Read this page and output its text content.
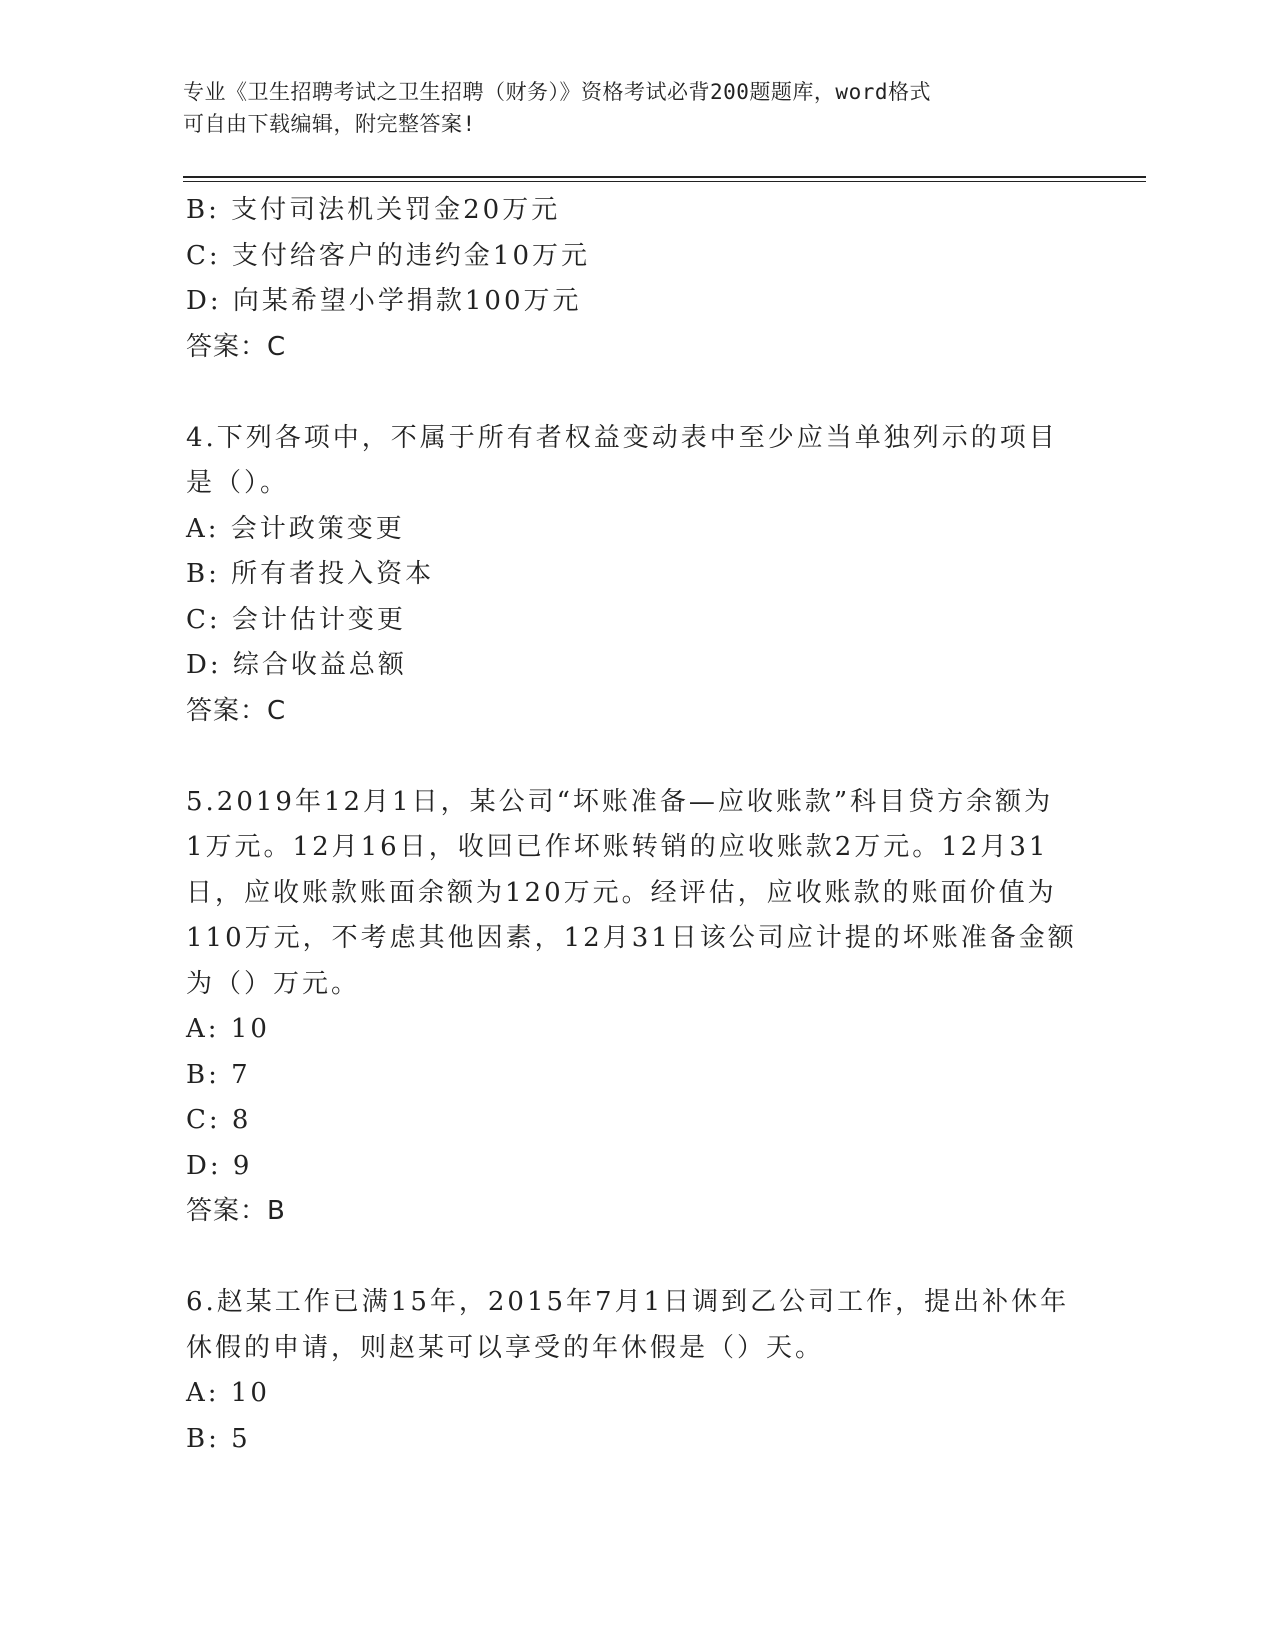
专业《卫生招聘考试之卫生招聘（财务）》资格考试必背200题题库，word格式
可自由下载编辑，附完整答案!
B: 支付司法机关罚金20万元
C: 支付给客户的违约金10万元
D: 向某希望小学捐款100万元
答案：C
4.下列各项中，不属于所有者权益变动表中至少应当单独列示的项目
是（）。
A: 会计政策变更
B: 所有者投入资本
C: 会计估计变更
D: 综合收益总额
答案：C
5.2019年12月1日，某公司“坏账准备—应收账款”科目贷方余额为
1万元。12月16日，收回已作坏账转销的应收账款2万元。12月31
日，应收账款账面余额为120万元。经评估，应收账款的账面价值为
110万元，不考虑其他因素，12月31日该公司应计提的坏账准备金额
为（）万元。
A: 10
B: 7
C: 8
D: 9
答案：B
6.赵某工作已满15年，2015年7月1日调到乙公司工作，提出补休年
休假的申请，则赵某可以享受的年休假是（）天。
A: 10
B: 5
